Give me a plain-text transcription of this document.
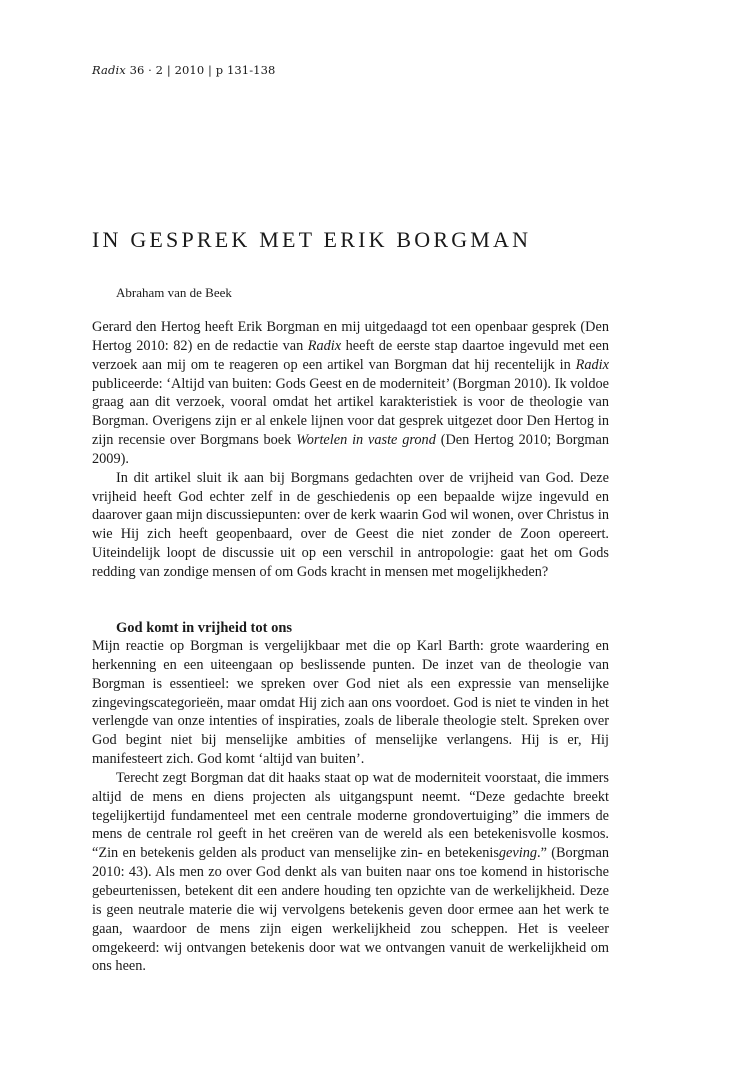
Radix 36 · 2 | 2010 | p 131-138
IN GESPREK MET ERIK BORGMAN
Abraham van de Beek

Gerard den Hertog heeft Erik Borgman en mij uitgedaagd tot een openbaar gesprek (Den Hertog 2010: 82) en de redactie van Radix heeft de eerste stap daartoe ingevuld met een verzoek aan mij om te reageren op een artikel van Borgman dat hij recentelijk in Radix publiceerde: ‘Altijd van buiten: Gods Geest en de moderniteit’ (Borgman 2010). Ik voldoe graag aan dit verzoek, vooral omdat het artikel karakteristiek is voor de theologie van Borgman. Overigens zijn er al enkele lijnen voor dat gesprek uitgezet door Den Hertog in zijn recensie over Borgmans boek Wortelen in vaste grond (Den Hertog 2010; Borgman 2009).

In dit artikel sluit ik aan bij Borgmans gedachten over de vrijheid van God. Deze vrijheid heeft God echter zelf in de geschiedenis op een bepaalde wijze ingevuld en daarover gaan mijn discussiepunten: over de kerk waarin God wil wonen, over Christus in wie Hij zich heeft geopenbaard, over de Geest die niet zonder de Zoon opereert. Uiteindelijk loopt de discussie uit op een verschil in antropologie: gaat het om Gods redding van zondige mensen of om Gods kracht in mensen met mogelijkheden?

God komt in vrijheid tot ons

Mijn reactie op Borgman is vergelijkbaar met die op Karl Barth: grote waardering en herkenning en een uiteengaan op beslissende punten. De inzet van de theologie van Borgman is essentieel: we spreken over God niet als een expressie van menselijke zingevingscategorieën, maar omdat Hij zich aan ons voordoet. God is niet te vinden in het verlengde van onze intenties of inspiraties, zoals de liberale theologie stelt. Spreken over God begint niet bij menselijke ambities of menselijke verlangens. Hij is er, Hij manifesteert zich. God komt ‘altijd van buiten’.

Terecht zegt Borgman dat dit haaks staat op wat de moderniteit voorstaat, die immers altijd de mens en diens projecten als uitgangspunt neemt. “Deze gedachte breekt tegelijkertijd fundamenteel met een centrale moderne grondovertuiging” die immers de mens de centrale rol geeft in het creëren van de wereld als een betekenisvolle kosmos. “Zin en betekenis gelden als product van menselijke zin- en betekenisgeving.” (Borgman 2010: 43). Als men zo over God denkt als van buiten naar ons toe komend in historische gebeurtenissen, betekent dit een andere houding ten opzichte van de werkelijkheid. Deze is geen neutrale materie die wij vervolgens betekenis geven door ermee aan het werk te gaan, waardoor de mens zijn eigen werkelijkheid zou scheppen. Het is veeleer omgekeerd: wij ontvangen betekenis door wat we ontvangen vanuit de werkelijkheid om ons heen.
